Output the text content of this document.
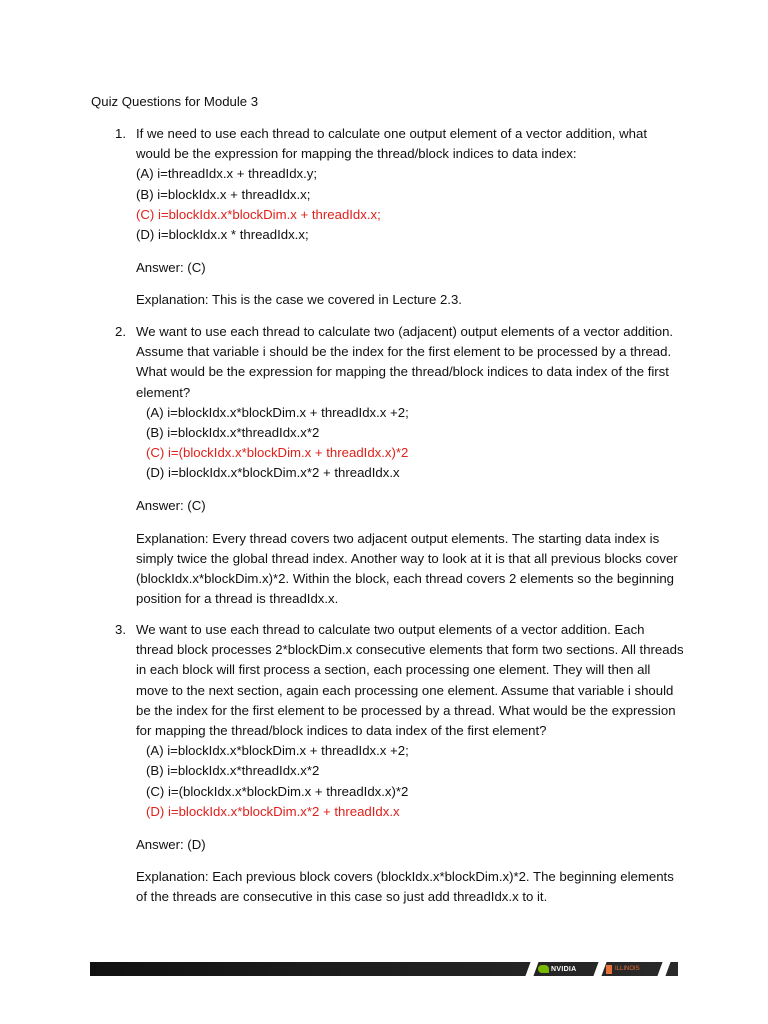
Quiz Questions for Module 3
1. If we need to use each thread to calculate one output element of a vector addition, what would be the expression for mapping the thread/block indices to data index:

(A) i=threadIdx.x + threadIdx.y;
(B) i=blockIdx.x + threadIdx.x;
(C) i=blockIdx.x*blockDim.x + threadIdx.x;
(D) i=blockIdx.x * threadIdx.x;

Answer: (C)

Explanation: This is the case we covered in Lecture 2.3.

2. We want to use each thread to calculate two (adjacent) output elements of a vector addition. Assume that variable i should be the index for the first element to be processed by a thread. What would be the expression for mapping the thread/block indices to data index of the first element?

(A) i=blockIdx.x*blockDim.x + threadIdx.x +2;
(B) i=blockIdx.x*threadIdx.x*2
(C) i=(blockIdx.x*blockDim.x + threadIdx.x)*2
(D) i=blockIdx.x*blockDim.x*2 + threadIdx.x

Answer: (C)

Explanation: Every thread covers two adjacent output elements. The starting data index is simply twice the global thread index. Another way to look at it is that all previous blocks cover (blockIdx.x*blockDim.x)*2. Within the block, each thread covers 2 elements so the beginning position for a thread is threadIdx.x.

3. We want to use each thread to calculate two output elements of a vector addition. Each thread block processes 2*blockDim.x consecutive elements that form two sections. All threads in each block will first process a section, each processing one element. They will then all move to the next section, again each processing one element. Assume that variable i should be the index for the first element to be processed by a thread. What would be the expression for mapping the thread/block indices to data index of the first element?

(A) i=blockIdx.x*blockDim.x + threadIdx.x +2;
(B) i=blockIdx.x*threadIdx.x*2
(C) i=(blockIdx.x*blockDim.x + threadIdx.x)*2
(D) i=blockIdx.x*blockDim.x*2 + threadIdx.x

Answer: (D)

Explanation: Each previous block covers (blockIdx.x*blockDim.x)*2. The beginning elements of the threads are consecutive in this case so just add threadIdx.x to it.

NVIDIA	ILLINOIS
